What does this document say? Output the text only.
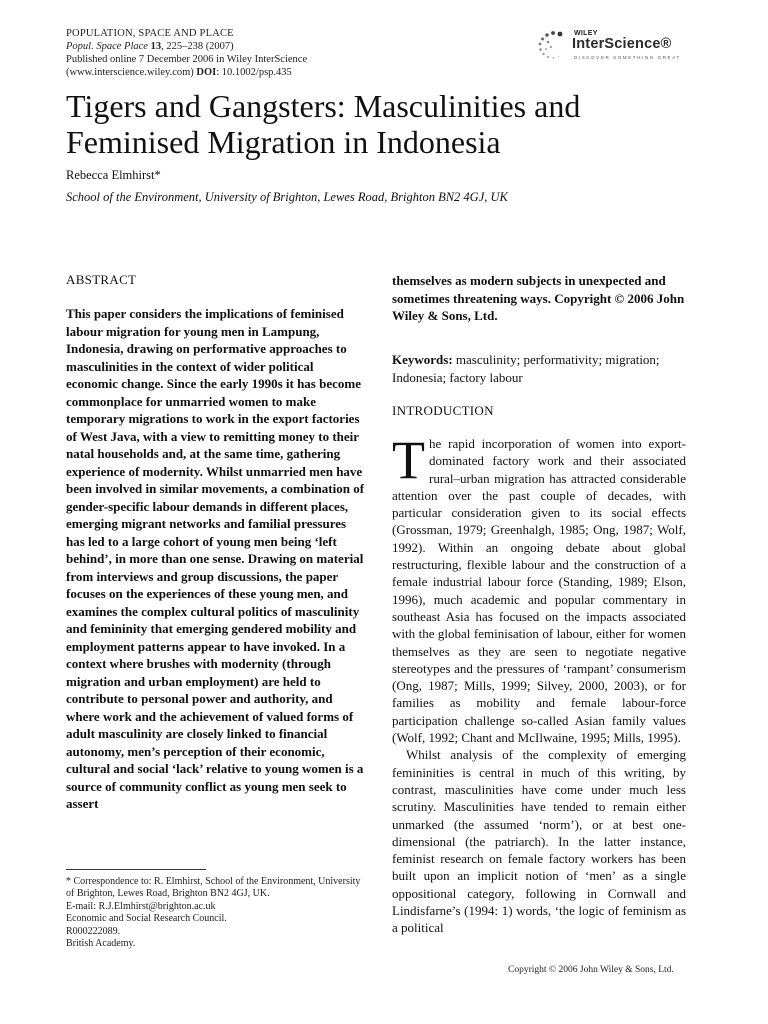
POPULATION, SPACE AND PLACE
Popul. Space Place 13, 225–238 (2007)
Published online 7 December 2006 in Wiley InterScience
(www.interscience.wiley.com) DOI: 10.1002/psp.435
WILEY
InterScience®
DISCOVER SOMETHING GREAT
Tigers and Gangsters: Masculinities and Feminised Migration in Indonesia
Rebecca Elmhirst*
School of the Environment, University of Brighton, Lewes Road, Brighton BN2 4GJ, UK
ABSTRACT
This paper considers the implications of feminised labour migration for young men in Lampung, Indonesia, drawing on performative approaches to masculinities in the context of wider political economic change. Since the early 1990s it has become commonplace for unmarried women to make temporary migrations to work in the export factories of West Java, with a view to remitting money to their natal households and, at the same time, gathering experience of modernity. Whilst unmarried men have been involved in similar movements, a combination of gender-specific labour demands in different places, emerging migrant networks and familial pressures has led to a large cohort of young men being ‘left behind’, in more than one sense. Drawing on material from interviews and group discussions, the paper focuses on the experiences of these young men, and examines the complex cultural politics of masculinity and femininity that emerging gendered mobility and employment patterns appear to have invoked. In a context where brushes with modernity (through migration and urban employment) are held to contribute to personal power and authority, and where work and the achievement of valued forms of adult masculinity are closely linked to financial autonomy, men’s perception of their economic, cultural and social ‘lack’ relative to young women is a source of community conflict as young men seek to assert
themselves as modern subjects in unexpected and sometimes threatening ways. Copyright © 2006 John Wiley & Sons, Ltd.
Keywords: masculinity; performativity; migration; Indonesia; factory labour
INTRODUCTION

The rapid incorporation of women into export-dominated factory work and their associated rural–urban migration has attracted considerable attention over the past couple of decades, with particular consideration given to its social effects (Grossman, 1979; Greenhalgh, 1985; Ong, 1987; Wolf, 1992). Within an ongoing debate about global restructuring, flexible labour and the construction of a female industrial labour force (Standing, 1989; Elson, 1996), much academic and popular commentary in southeast Asia has focused on the impacts associated with the global feminisation of labour, either for women themselves as they are seen to negotiate negative stereotypes and the pressures of ‘rampant’ consumerism (Ong, 1987; Mills, 1999; Silvey, 2000, 2003), or for families as mobility and female labour-force participation challenge so-called Asian family values (Wolf, 1992; Chant and McIlwaine, 1995; Mills, 1995).

Whilst analysis of the complexity of emerging femininities is central in much of this writing, by contrast, masculinities have come under much less scrutiny. Masculinities have tended to remain either unmarked (the assumed ‘norm’), or at best one-dimensional (the patriarch). In the latter instance, feminist research on female factory workers has been built upon an implicit notion of ‘men’ as a single oppositional category, following in Cornwall and Lindisfarne’s (1994: 1) words, ‘the logic of feminism as a political

* Correspondence to: R. Elmhirst, School of the Environment, University of Brighton, Lewes Road, Brighton BN2 4GJ, UK.
E-mail: R.J.Elmhirst@brighton.ac.uk
Economic and Social Research Council.
R000222089.
British Academy.
Copyright © 2006 John Wiley & Sons, Ltd.
